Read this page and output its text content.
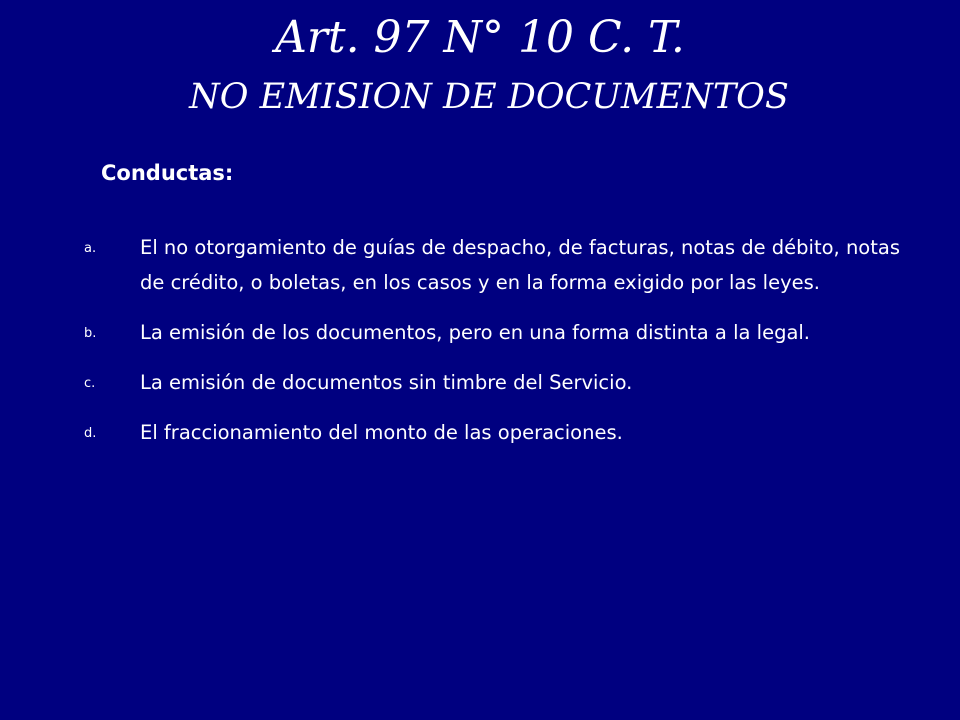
Art. 97 N° 10 C. T.
NO EMISION DE DOCUMENTOS
Conductas:
a. El no otorgamiento de guías de despacho, de facturas, notas de débito, notas de crédito, o boletas, en los casos y en la forma exigido por las leyes.
b. La emisión de los documentos, pero en una forma distinta a la legal.
c. La emisión de documentos sin timbre del Servicio.
d. El fraccionamiento del monto de las operaciones.
